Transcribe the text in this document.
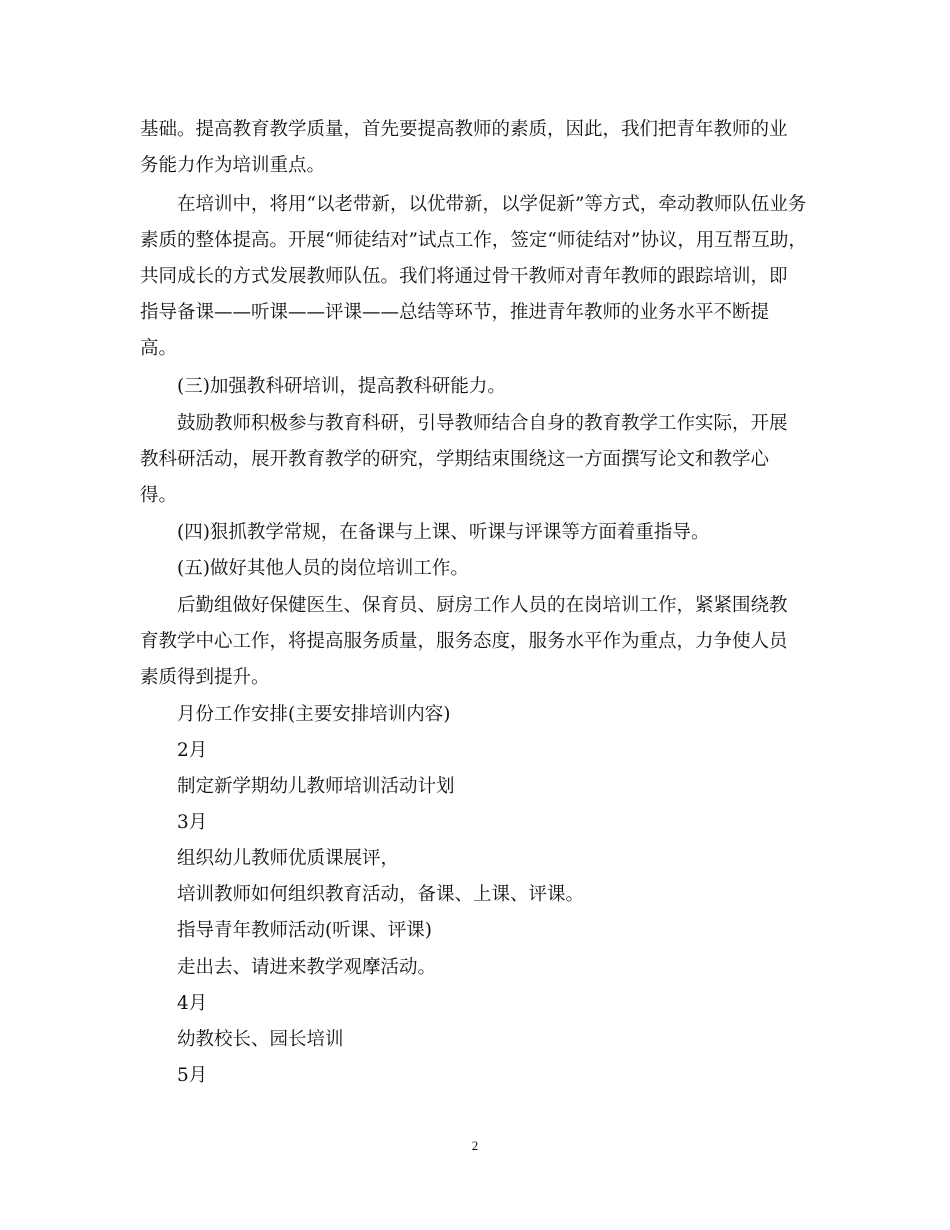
基础。提高教育教学质量，首先要提高教师的素质，因此，我们把青年教师的业
务能力作为培训重点。
在培训中，将用“以老带新，以优带新，以学促新”等方式，牵动教师队伍业务
素质的整体提高。开展“师徒结对”试点工作，签定“师徒结对”协议，用互帮互助，
共同成长的方式发展教师队伍。我们将通过骨干教师对青年教师的跟踪培训，即
指导备课——听课——评课——总结等环节，推进青年教师的业务水平不断提
高。
(三)加强教科研培训，提高教科研能力。
鼓励教师积极参与教育科研，引导教师结合自身的教育教学工作实际，开展
教科研活动，展开教育教学的研究，学期结束围绕这一方面撰写论文和教学心
得。
(四)狠抓教学常规，在备课与上课、听课与评课等方面着重指导。
(五)做好其他人员的岗位培训工作。
后勤组做好保健医生、保育员、厨房工作人员的在岗培训工作，紧紧围绕教
育教学中心工作，将提高服务质量，服务态度，服务水平作为重点，力争使人员
素质得到提升。
月份工作安排(主要安排培训内容)
2月
制定新学期幼儿教师培训活动计划
3月
组织幼儿教师优质课展评，
培训教师如何组织教育活动，备课、上课、评课。
指导青年教师活动(听课、评课)
走出去、请进来教学观摩活动。
4月
幼教校长、园长培训
5月
2
